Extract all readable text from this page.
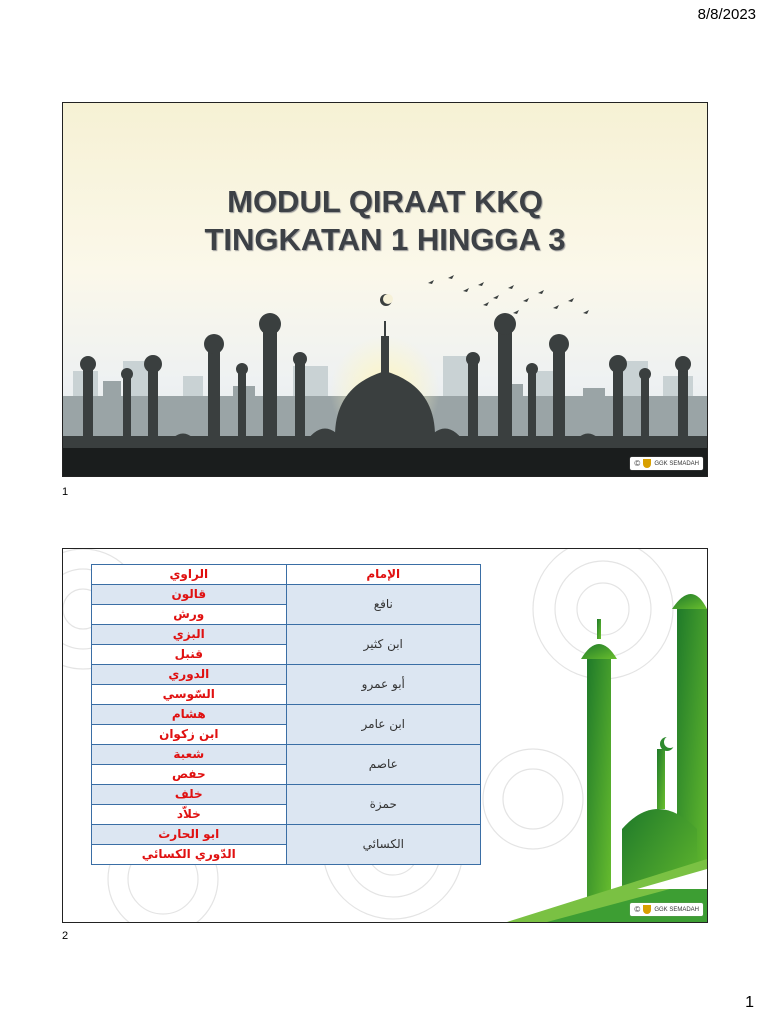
8/8/2023
MODUL QIRAAT KKQ
TINGKATAN 1 HINGGA 3
© GGK SEMADAH
1
الراوي	الإمام
قالون	نافع
ورش	
البزي	ابن كثير
قنبل	
الدوري	أبو عمرو
السّوسي	
هشام	ابن عامر
ابن زكوان	
شعبة	عاصم
حفص	
خلف	حمزة
خلاّد	
ابو الحارث	الكسائي
الدّوري الكسائي	
© GGK SEMADAH
2
1
